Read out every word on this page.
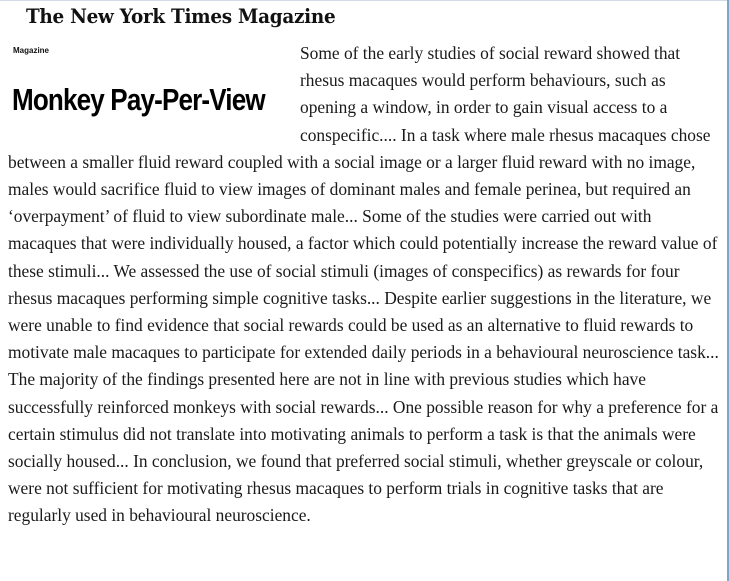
The New York Times Magazine
Magazine
Monkey Pay-Per-View
Some of the early studies of social reward showed that rhesus macaques would perform behaviours, such as opening a window, in order to gain visual access to a conspecific.... In a task where male rhesus macaques chose between a smaller fluid reward coupled with a social image or a larger fluid reward with no image, males would sacrifice fluid to view images of dominant males and female perinea, but required an ‘overpayment’ of fluid to view subordinate male... Some of the studies were carried out with macaques that were individually housed, a factor which could potentially increase the reward value of these stimuli... We assessed the use of social stimuli (images of conspecifics) as rewards for four rhesus macaques performing simple cognitive tasks... Despite earlier suggestions in the literature, we were unable to find evidence that social rewards could be used as an alternative to fluid rewards to motivate male macaques to participate for extended daily periods in a behavioural neuroscience task... The majority of the findings presented here are not in line with previous studies which have successfully reinforced monkeys with social rewards... One possible reason for why a preference for a certain stimulus did not translate into motivating animals to perform a task is that the animals were socially housed... In conclusion, we found that preferred social stimuli, whether greyscale or colour, were not sufficient for motivating rhesus macaques to perform trials in cognitive tasks that are regularly used in behavioural neuroscience.
